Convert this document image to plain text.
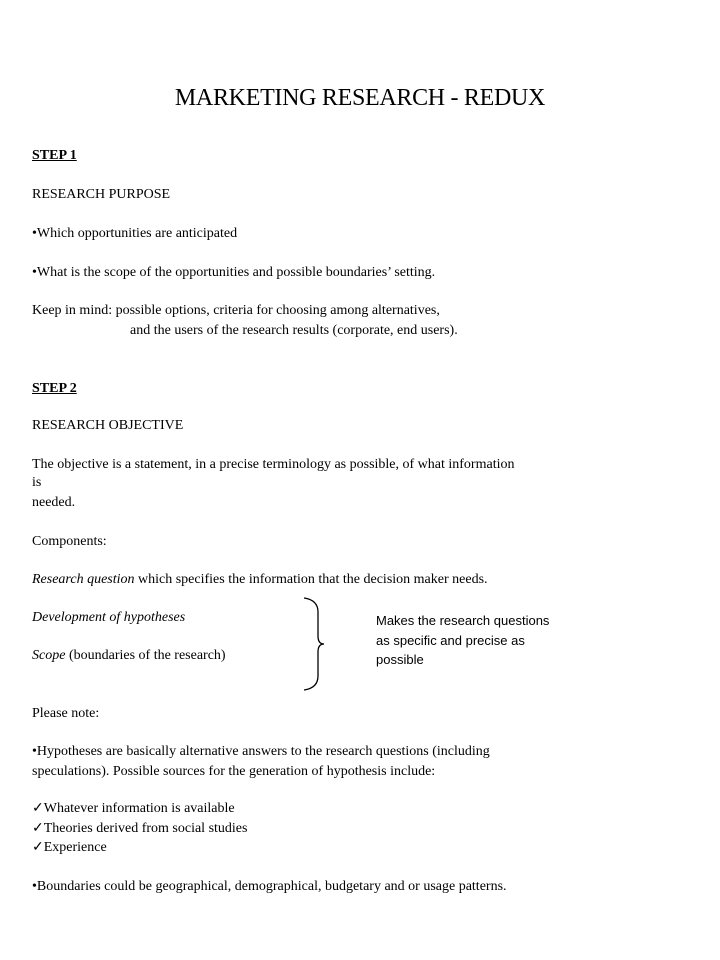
MARKETING RESEARCH - REDUX
STEP 1
RESEARCH PURPOSE
•Which opportunities are anticipated
•What is the scope of the opportunities and possible boundaries’ setting.
Keep in mind: possible options, criteria for choosing among alternatives,
and the users of the research results (corporate, end users).
STEP 2
RESEARCH OBJECTIVE
The objective is a statement, in a precise terminology as possible, of what information
is
needed.
Components:
Research question which specifies the information that the decision maker needs.
Development of hypotheses
Scope (boundaries of the research)
Makes the research questions
as specific and precise as
possible
Please note:
•Hypotheses are basically alternative answers to the research questions (including
speculations). Possible sources for the generation of hypothesis include:
✓Whatever information is available
✓Theories derived from social studies
✓Experience
•Boundaries could be geographical, demographical, budgetary and or usage patterns.
